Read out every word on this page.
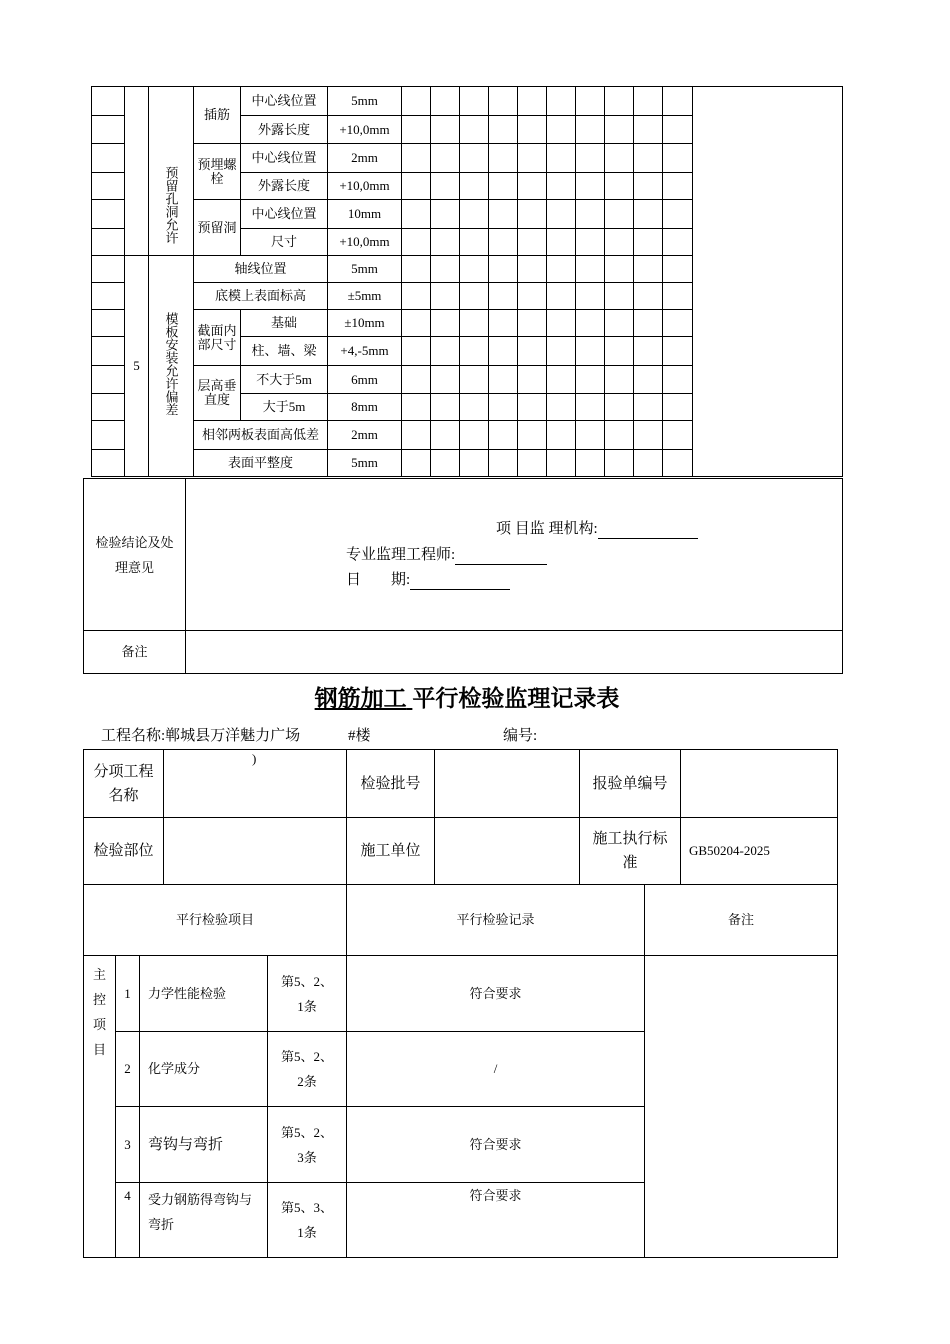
		预留孔洞允许	插筋	中心线位置	5mm											
				外露长度	+10,0mm											
			预埋螺栓	中心线位置	2mm											
				外露长度	+10,0mm											
			预留洞	中心线位置	10mm											
				尺寸	+10,0mm											
	5	模板安装允许偏差	轴线位置		5mm											
			底模上表面标高		±5mm											
			截面内部尺寸	基础	±10mm											
				柱、墙、梁	+4,-5mm											
			层高垂直度	不大于5m	6mm											
				大于5m	8mm											
			相邻两板表面高低差		2mm											
			表面平整度		5mm											
检验结论及处理意见	项 目监 理机构:
专业监理工程师:
日　　期:

备注	
钢筋加工 平行检验监理记录表
工程名称:郸城县万洋魅力广场	#楼	编号:
)
分项工程名称		检验批号		报验单编号	
检验部位		施工单位		施工执行标准	GB50204-2025
平行检验项目				平行检验记录	备注
主控项目	1	力学性能检验	第5、2、1条	符合要求	
	2	化学成分	第5、2、2条	/	
	3	弯钩与弯折	第5、2、3条	符合要求	
	4	受力钢筋得弯钩与弯折	第5、3、1条	符合要求	
